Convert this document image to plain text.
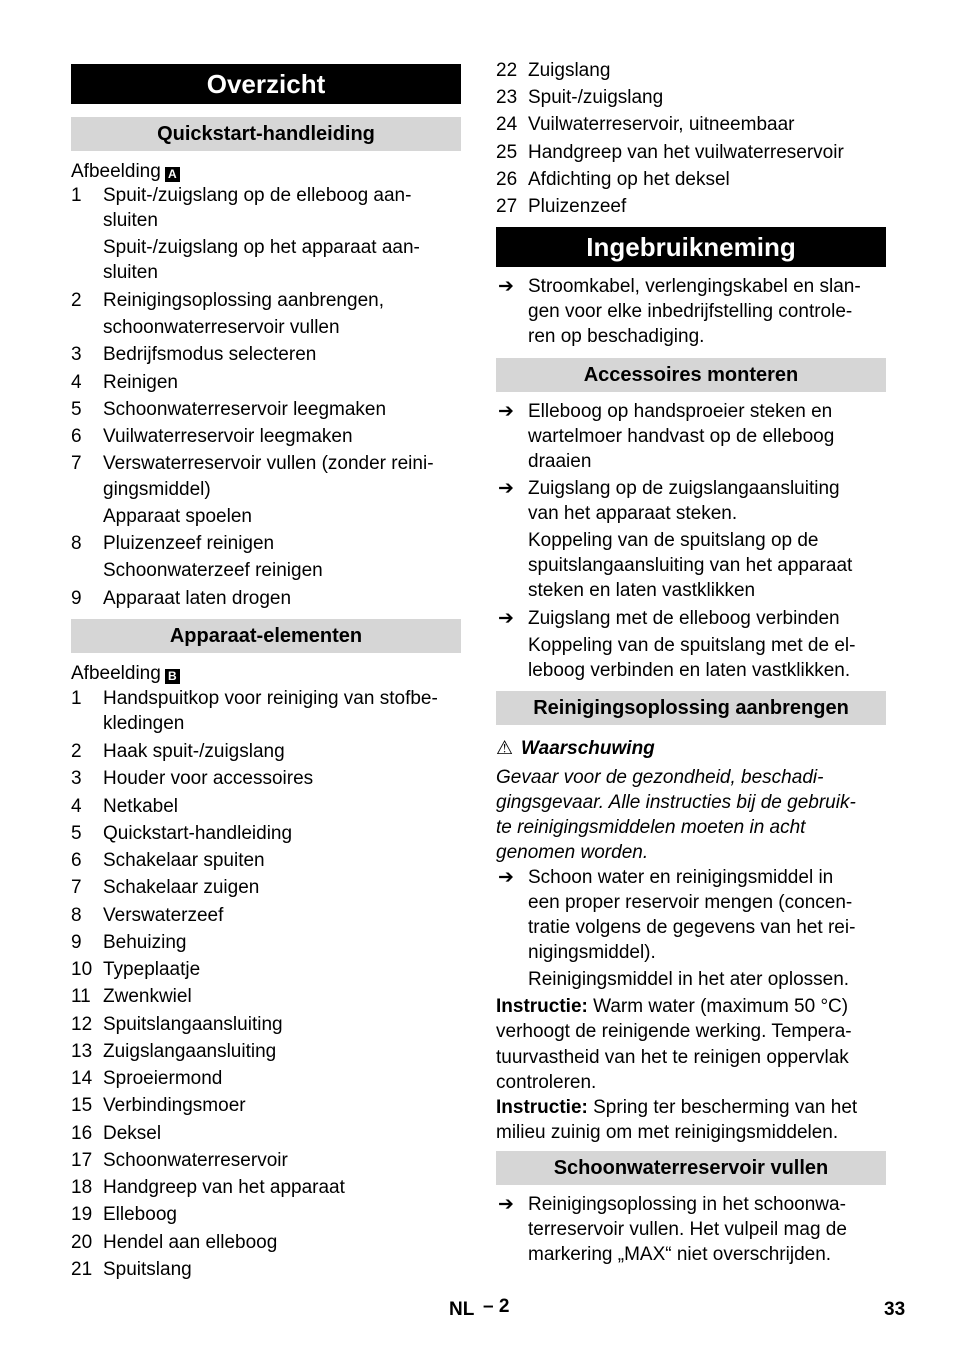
Overzicht
Quickstart-handleiding
Afbeelding A
1 Spuit-/zuigslang op de elleboog aan-
sluiten
Spuit-/zuigslang op het apparaat aan-
sluiten
2 Reinigingsoplossing aanbrengen,
schoonwaterreservoir vullen
3 Bedrijfsmodus selecteren
4 Reinigen
5 Schoonwaterreservoir leegmaken
6 Vuilwaterreservoir leegmaken
7 Verswaterreservoir vullen (zonder reini-
gingsmiddel)
Apparaat spoelen
8 Pluizenzeef reinigen
Schoonwaterzeef reinigen
9 Apparaat laten drogen
Apparaat-elementen
Afbeelding B
1 Handspuitkop voor reiniging van stofbe-
kledingen
2 Haak spuit-/zuigslang
3 Houder voor accessoires
4 Netkabel
5 Quickstart-handleiding
6 Schakelaar spuiten
7 Schakelaar zuigen
8 Verswaterzeef
9 Behuizing
10 Typeplaatje
11 Zwenkwiel
12 Spuitslangaansluiting
13 Zuigslangaansluiting
14 Sproeiermond
15 Verbindingsmoer
16 Deksel
17 Schoonwaterreservoir
18 Handgreep van het apparaat
19 Elleboog
20 Hendel aan elleboog
21 Spuitslang
22 Zuigslang
23 Spuit-/zuigslang
24 Vuilwaterreservoir, uitneembaar
25 Handgreep van het vuilwaterreservoir
26 Afdichting op het deksel
27 Pluizenzeef
Ingebruikneming
➔ Stroomkabel, verlengingskabel en slan-
gen voor elke inbedrijfstelling controle-
ren op beschadiging.
Accessoires monteren
➔ Elleboog op handsproeier steken en
wartelmoer handvast op de elleboog
draaien
➔ Zuigslang op de zuigslangaansluiting
van het apparaat steken.
Koppeling van de spuitslang op de
spuitslangaansluiting van het apparaat
steken en laten vastklikken
➔ Zuigslang met de elleboog verbinden
Koppeling van de spuitslang met de el-
leboog verbinden en laten vastklikken.
Reinigingsoplossing aanbrengen
⚠ Waarschuwing
Gevaar voor de gezondheid, beschadi-
gingsgevaar. Alle instructies bij de gebruik-
te reinigingsmiddelen moeten in acht
genomen worden.
➔ Schoon water en reinigingsmiddel in
een proper reservoir mengen (concen-
tratie volgens de gegevens van het rei-
nigingsmiddel).
Reinigingsmiddel in het ater oplossen.
Instructie: Warm water (maximum 50 °C)
verhoogt de reinigende werking. Tempera-
tuurvastheid van het te reinigen oppervlak
controleren.
Instructie: Spring ter bescherming van het
milieu zuinig om met reinigingsmiddelen.
Schoonwaterreservoir vullen
➔ Reinigingsoplossing in het schoonwa-
terreservoir vullen. Het vulpeil mag de
markering „MAX“ niet overschrijden.
NL – 2	33
